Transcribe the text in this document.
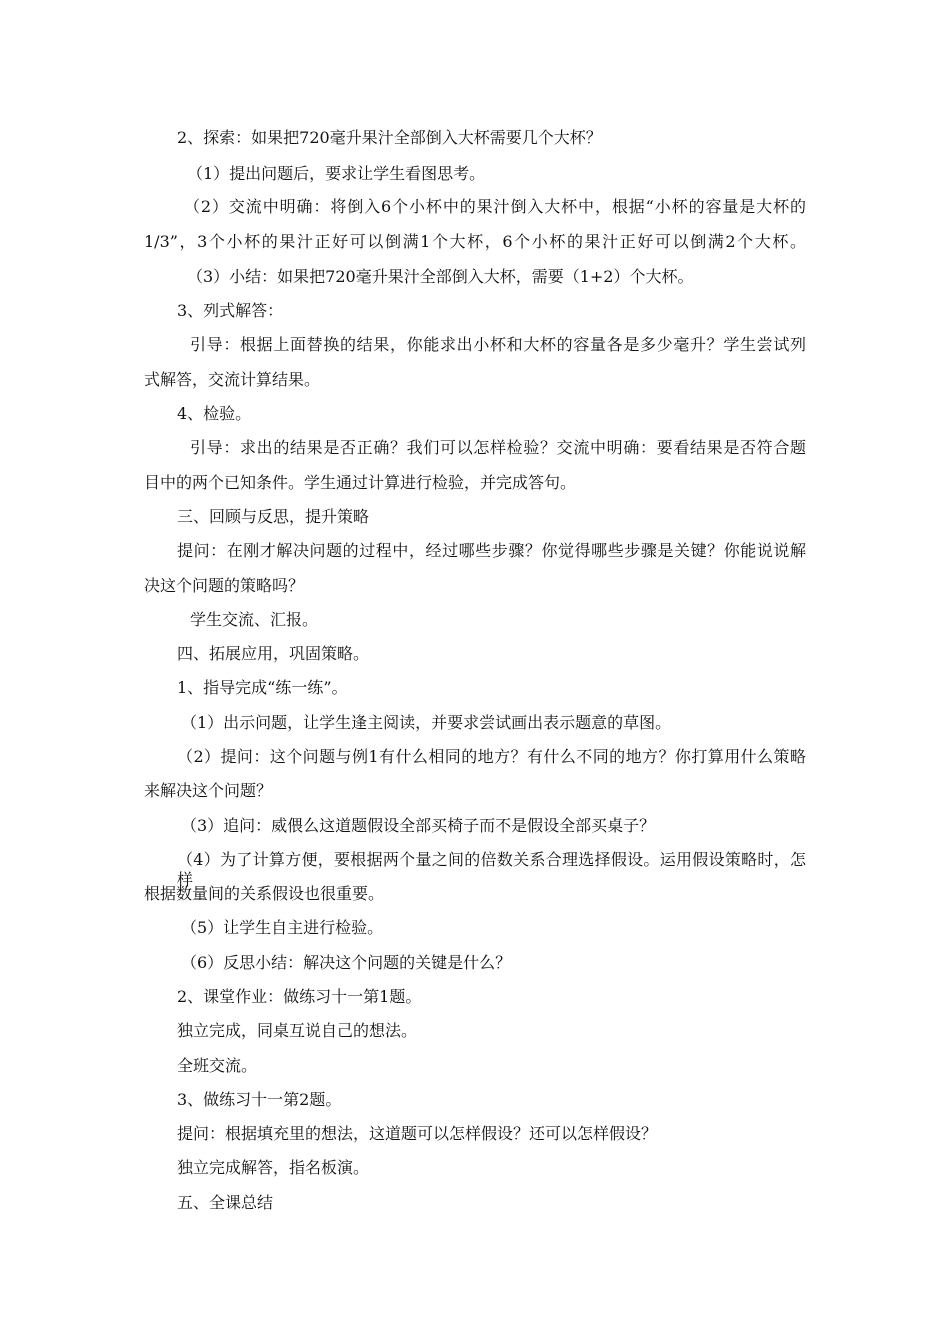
2、探索：如果把720毫升果汁全部倒入大杯需要几个大杯？

（1）提出问题后，要求让学生看图思考。

（2）交流中明确：将倒入6个小杯中的果汁倒入大杯中，根据“小杯的容量是大杯的

1/3”，3个小杯的果汁正好可以倒满1个大杯，6个小杯的果汁正好可以倒满2个大杯。

（3）小结：如果把720毫升果汁全部倒入大杯，需要（1+2）个大杯。

3、列式解答：

引导：根据上面替换的结果，你能求出小杯和大杯的容量各是多少毫升？学生尝试列

式解答，交流计算结果。

4、检验。

引导：求出的结果是否正确？我们可以怎样检验？交流中明确：要看结果是否符合题

目中的两个已知条件。学生通过计算进行检验，并完成答句。

三、回顾与反思，提升策略

提问：在刚才解决问题的过程中，经过哪些步骤？你觉得哪些步骤是关键？你能说说解

决这个问题的策略吗？

学生交流、汇报。

四、拓展应用，巩固策略。

1、指导完成“练一练”。

（1）出示问题，让学生逢主阅读，并要求尝试画出表示题意的草图。

（2）提问：这个问题与例1有什么相同的地方？有什么不同的地方？你打算用什么策略

来解决这个问题？

（3）追问：威偎么这道题假设全部买椅子而不是假设全部买桌子？

（4）为了计算方便，要根据两个量之间的倍数关系合理选择假设。运用假设策略时，怎样

根据数量间的关系假设也很重要。

（5）让学生自主进行检验。

（6）反思小结：解决这个问题的关键是什么？

2、课堂作业：做练习十一第1题。

独立完成，同桌互说自己的想法。

全班交流。

3、做练习十一第2题。

提问：根据填充里的想法，这道题可以怎样假设？还可以怎样假设？

独立完成解答，指名板演。

五、全课总结
